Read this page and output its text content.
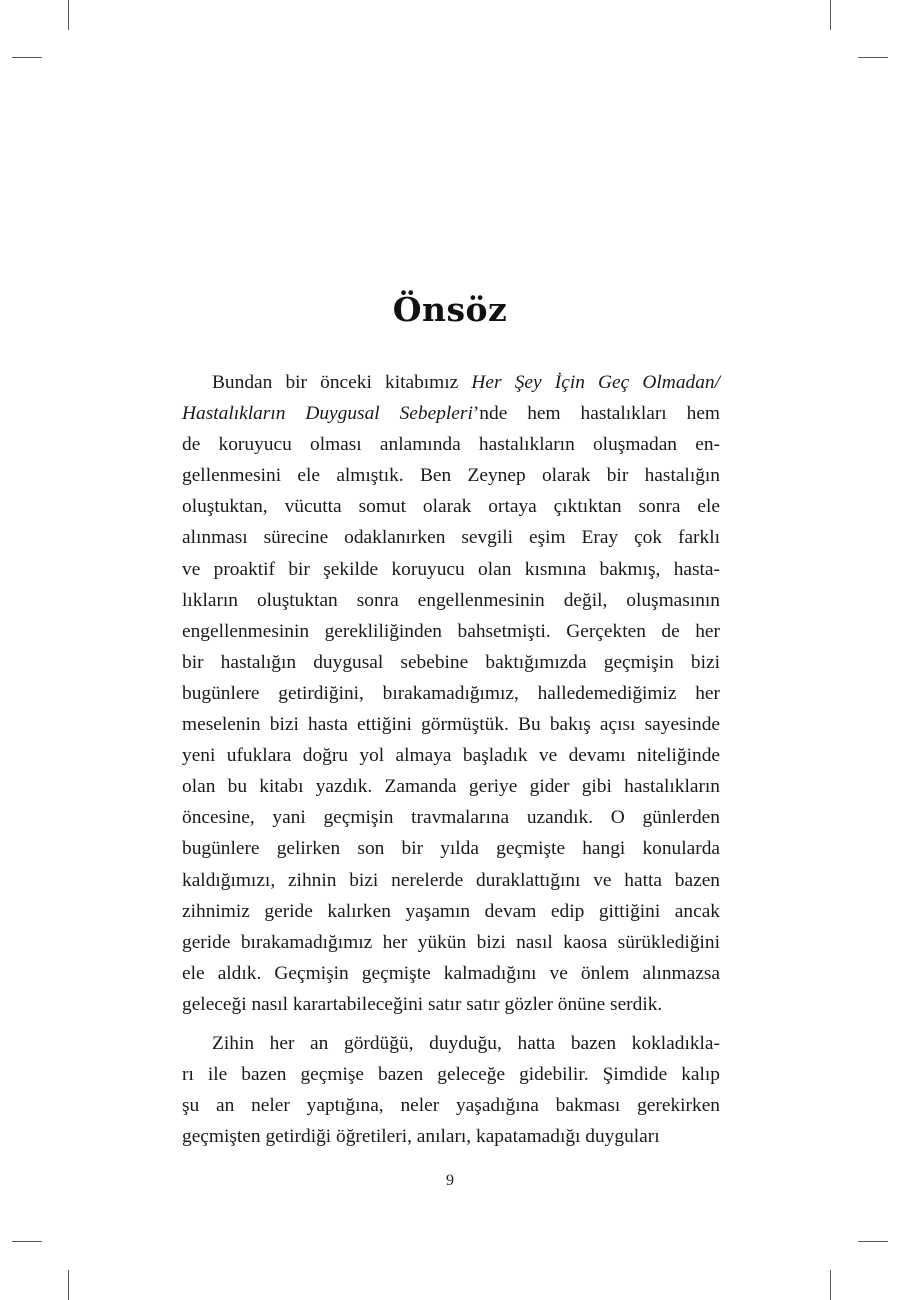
Önsöz
Bundan bir önceki kitabımız Her Şey İçin Geç Olmadan/
Hastalıkların Duygusal Sebepleri’nde hem hastalıkları hem
de koruyucu olması anlamında hastalıkların oluşmadan en-
gellenmesini ele almıştık. Ben Zeynep olarak bir hastalığın
oluştuktan, vücutta somut olarak ortaya çıktıktan sonra ele
alınması sürecine odaklanırken sevgili eşim Eray çok farklı
ve proaktif bir şekilde koruyucu olan kısmına bakmış, hasta-
lıkların oluştuktan sonra engellenmesinin değil, oluşmasının
engellenmesinin gerekliliğinden bahsetmişti. Gerçekten de her
bir hastalığın duygusal sebebine baktığımızda geçmişin bizi
bugünlere getirdiğini, bırakamadığımız, halledemediğimiz her
meselenin bizi hasta ettiğini görmüştük. Bu bakış açısı sayesinde
yeni ufuklara doğru yol almaya başladık ve devamı niteliğinde
olan bu kitabı yazdık. Zamanda geriye gider gibi hastalıkların
öncesine, yani geçmişin travmalarına uzandık. O günlerden
bugünlere gelirken son bir yılda geçmişte hangi konularda
kaldığımızı, zihnin bizi nerelerde duraklattığını ve hatta bazen
zihnimiz geride kalırken yaşamın devam edip gittiğini ancak
geride bırakamadığımız her yükün bizi nasıl kaosa sürüklediğini
ele aldık. Geçmişin geçmişte kalmadığını ve önlem alınmazsa
geleceği nasıl karartabileceğini satır satır gözler önüne serdik.
Zihin her an gördüğü, duyduğu, hatta bazen kokladıkla-
rı ile bazen geçmişe bazen geleceğe gidebilir. Şimdide kalıp
şu an neler yaptığına, neler yaşadığına bakması gerekirken
geçmişten getirdiği öğretileri, anıları, kapatamadığı duyguları
9
